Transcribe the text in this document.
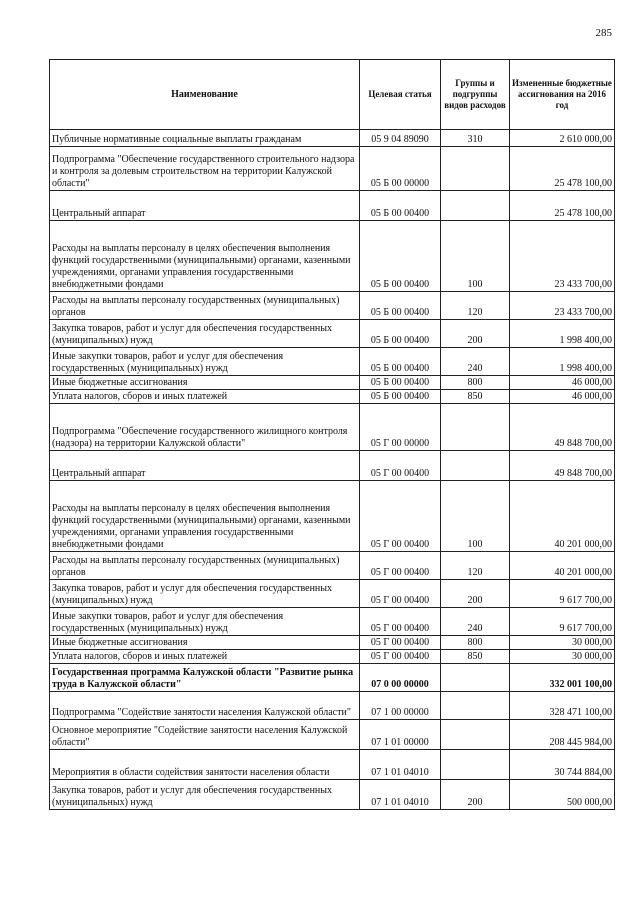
285
Наименование	Целевая статья	Группы и подгруппы видов расходов	Измененные бюджетные ассигнования на 2016 год
Публичные нормативные социальные выплаты гражданам	05 9 04 89090	310	2 610 000,00
Подпрограмма "Обеспечение государственного строительного надзора и контроля за долевым строительством на территории Калужской области"	05 Б 00 00000		25 478 100,00
Центральный аппарат	05 Б 00 00400		25 478 100,00
Расходы на выплаты персоналу в целях обеспечения выполнения функций государственными (муниципальными) органами, казенными учреждениями, органами управления государственными внебюджетными фондами	05 Б 00 00400	100	23 433 700,00
Расходы на выплаты персоналу государственных (муниципальных) органов	05 Б 00 00400	120	23 433 700,00
Закупка товаров, работ и услуг для обеспечения государственных (муниципальных) нужд	05 Б 00 00400	200	1 998 400,00
Иные закупки товаров, работ и услуг для обеспечения государственных (муниципальных) нужд	05 Б 00 00400	240	1 998 400,00
Иные бюджетные ассигнования	05 Б 00 00400	800	46 000,00
Уплата налогов, сборов и иных платежей	05 Б 00 00400	850	46 000,00
Подпрограмма "Обеспечение государственного жилищного контроля (надзора) на территории Калужской области"	05 Г 00 00000		49 848 700,00
Центральный аппарат	05 Г 00 00400		49 848 700,00
Расходы на выплаты персоналу в целях обеспечения выполнения функций государственными (муниципальными) органами, казенными учреждениями, органами управления государственными внебюджетными фондами	05 Г 00 00400	100	40 201 000,00
Расходы на выплаты персоналу государственных (муниципальных) органов	05 Г 00 00400	120	40 201 000,00
Закупка товаров, работ и услуг для обеспечения государственных (муниципальных) нужд	05 Г 00 00400	200	9 617 700,00
Иные закупки товаров, работ и услуг для обеспечения государственных (муниципальных) нужд	05 Г 00 00400	240	9 617 700,00
Иные бюджетные ассигнования	05 Г 00 00400	800	30 000,00
Уплата налогов, сборов и иных платежей	05 Г 00 00400	850	30 000,00
Государственная программа Калужской области "Развитие рынка труда в Калужской области"	07 0 00 00000		332 001 100,00
Подпрограмма "Содействие занятости населения Калужской области"	07 1 00 00000		328 471 100,00
Основное мероприятие "Содействие занятости населения Калужской области"	07 1 01 00000		208 445 984,00
Мероприятия в области содействия занятости населения области	07 1 01 04010		30 744 884,00
Закупка товаров, работ и услуг для обеспечения государственных (муниципальных) нужд	07 1 01 04010	200	500 000,00
